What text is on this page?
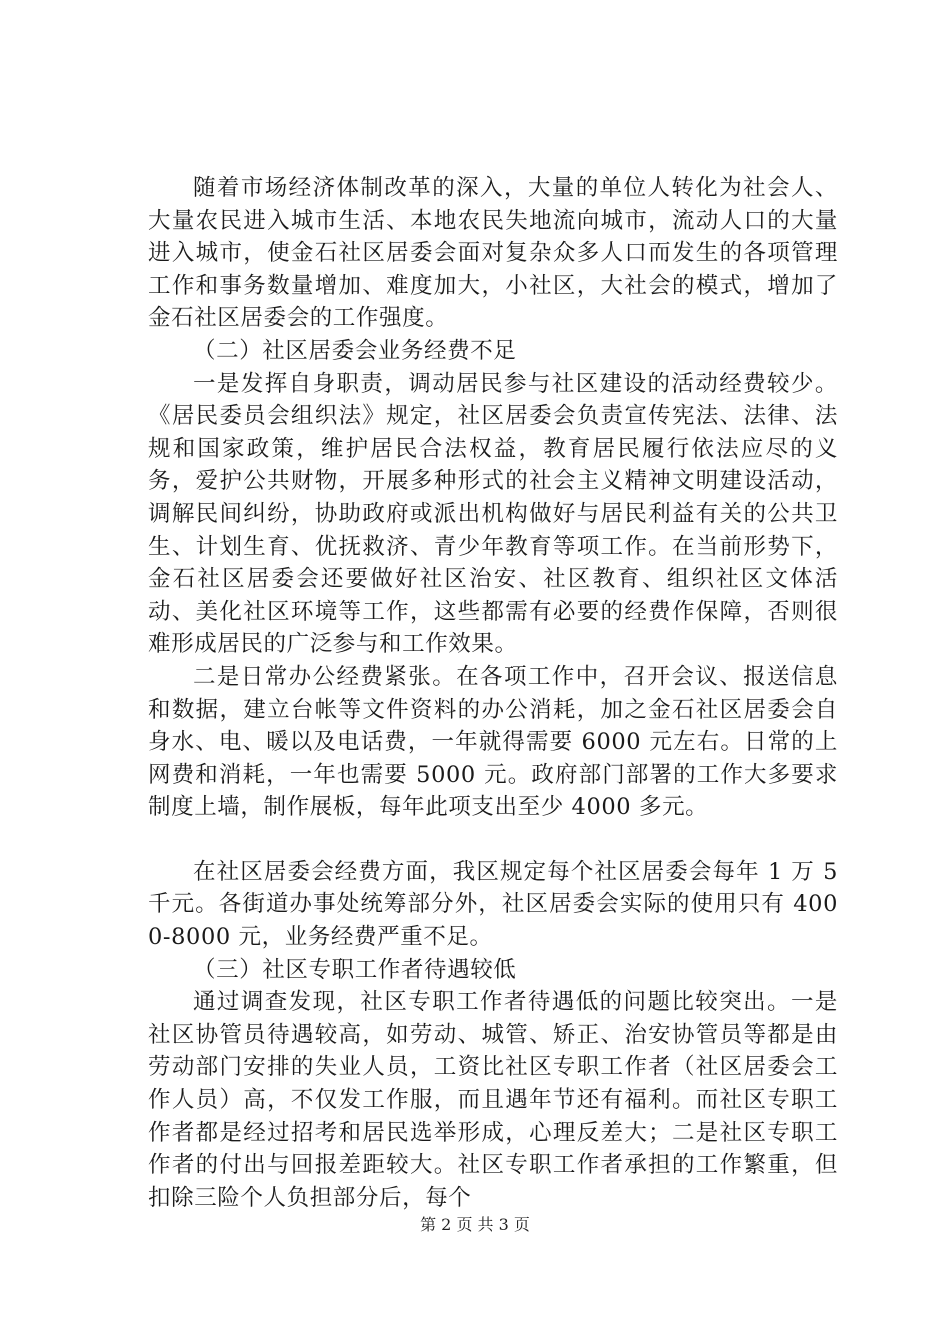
随着市场经济体制改革的深入，大量的单位人转化为社会人、大量农民进入城市生活、本地农民失地流向城市，流动人口的大量进入城市，使金石社区居委会面对复杂众多人口而发生的各项管理工作和事务数量增加、难度加大，小社区，大社会的模式，增加了金石社区居委会的工作强度。

（二）社区居委会业务经费不足

一是发挥自身职责，调动居民参与社区建设的活动经费较少。《居民委员会组织法》规定，社区居委会负责宣传宪法、法律、法规和国家政策，维护居民合法权益，教育居民履行依法应尽的义务，爱护公共财物，开展多种形式的社会主义精神文明建设活动，调解民间纠纷，协助政府或派出机构做好与居民利益有关的公共卫生、计划生育、优抚救济、青少年教育等项工作。在当前形势下，金石社区居委会还要做好社区治安、社区教育、组织社区文体活动、美化社区环境等工作，这些都需有必要的经费作保障，否则很难形成居民的广泛参与和工作效果。

二是日常办公经费紧张。在各项工作中，召开会议、报送信息和数据，建立台帐等文件资料的办公消耗，加之金石社区居委会自身水、电、暖以及电话费，一年就得需要 6000 元左右。日常的上网费和消耗，一年也需要 5000 元。政府部门部署的工作大多要求制度上墙，制作展板，每年此项支出至少 4000 多元。

在社区居委会经费方面，我区规定每个社区居委会每年 1 万 5 千元。各街道办事处统筹部分外，社区居委会实际的使用只有 4000-8000 元，业务经费严重不足。

（三）社区专职工作者待遇较低

通过调查发现，社区专职工作者待遇低的问题比较突出。一是社区协管员待遇较高，如劳动、城管、矫正、治安协管员等都是由劳动部门安排的失业人员，工资比社区专职工作者（社区居委会工作人员）高，不仅发工作服，而且遇年节还有福利。而社区专职工作者都是经过招考和居民选举形成，心理反差大；二是社区专职工作者的付出与回报差距较大。社区专职工作者承担的工作繁重，但扣除三险个人负担部分后，每个

第 2 页 共 3 页
